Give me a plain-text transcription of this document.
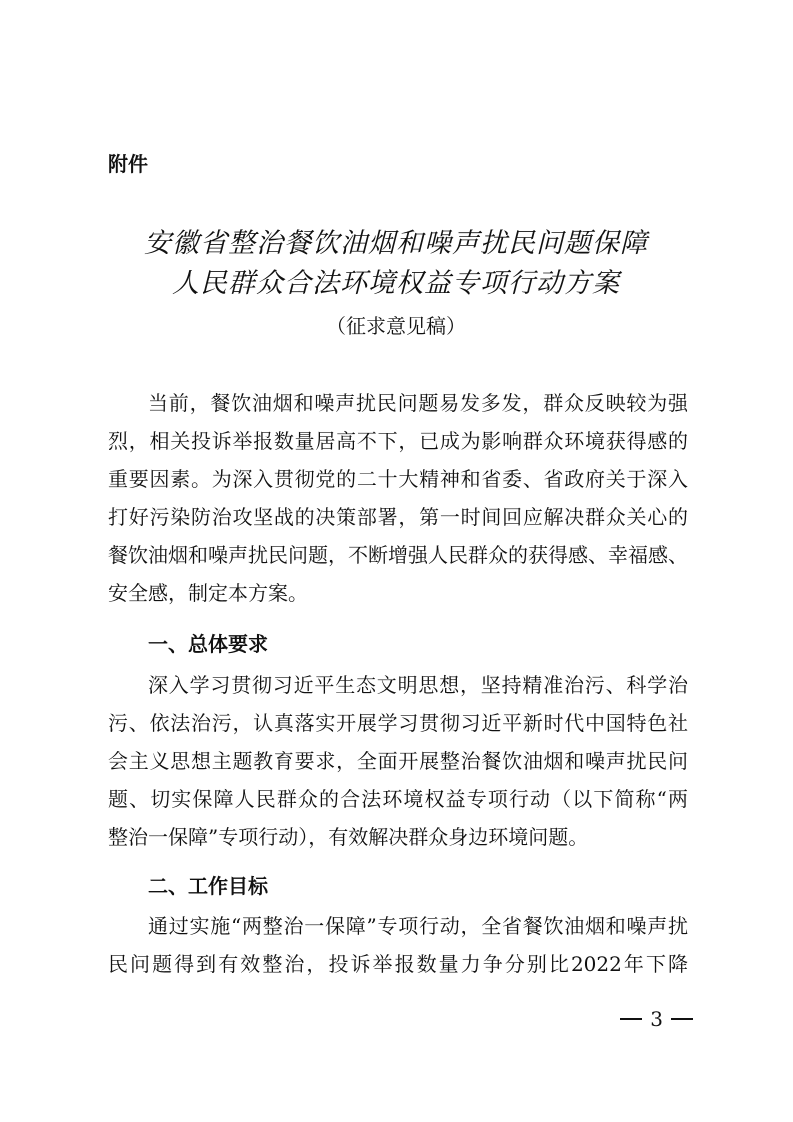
附件
安徽省整治餐饮油烟和噪声扰民问题保障
人民群众合法环境权益专项行动方案
（征求意见稿）
当前，餐饮油烟和噪声扰民问题易发多发，群众反映较为强
烈，相关投诉举报数量居高不下，已成为影响群众环境获得感的
重要因素。为深入贯彻党的二十大精神和省委、省政府关于深入
打好污染防治攻坚战的决策部署，第一时间回应解决群众关心的
餐饮油烟和噪声扰民问题，不断增强人民群众的获得感、幸福感、
安全感，制定本方案。
一、总体要求
深入学习贯彻习近平生态文明思想，坚持精准治污、科学治
污、依法治污，认真落实开展学习贯彻习近平新时代中国特色社
会主义思想主题教育要求，全面开展整治餐饮油烟和噪声扰民问
题、切实保障人民群众的合法环境权益专项行动（以下简称“两
整治一保障”专项行动），有效解决群众身边环境问题。
二、工作目标
通过实施“两整治一保障”专项行动，全省餐饮油烟和噪声扰
民问题得到有效整治，投诉举报数量力争分别比2022年下降
3
